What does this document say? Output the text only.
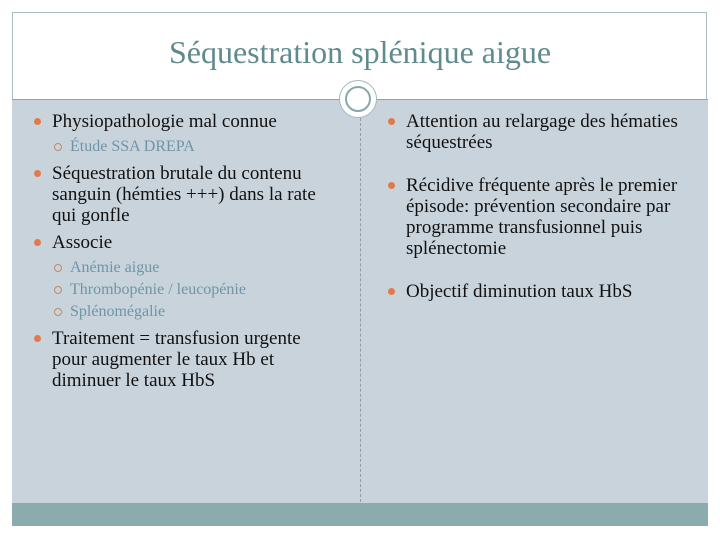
Séquestration splénique aigue
Physiopathologie mal connue
Étude SSA DREPA
Séquestration brutale du contenu sanguin (hémties +++) dans la rate qui gonfle
Associe
Anémie aigue
Thrombopénie / leucopénie
Splénomégalie
Traitement = transfusion urgente pour augmenter le taux Hb et diminuer le taux HbS
Attention au relargage des hématies séquestrées
Récidive fréquente après le premier épisode: prévention secondaire par programme transfusionnel puis splénectomie
Objectif diminution taux HbS
